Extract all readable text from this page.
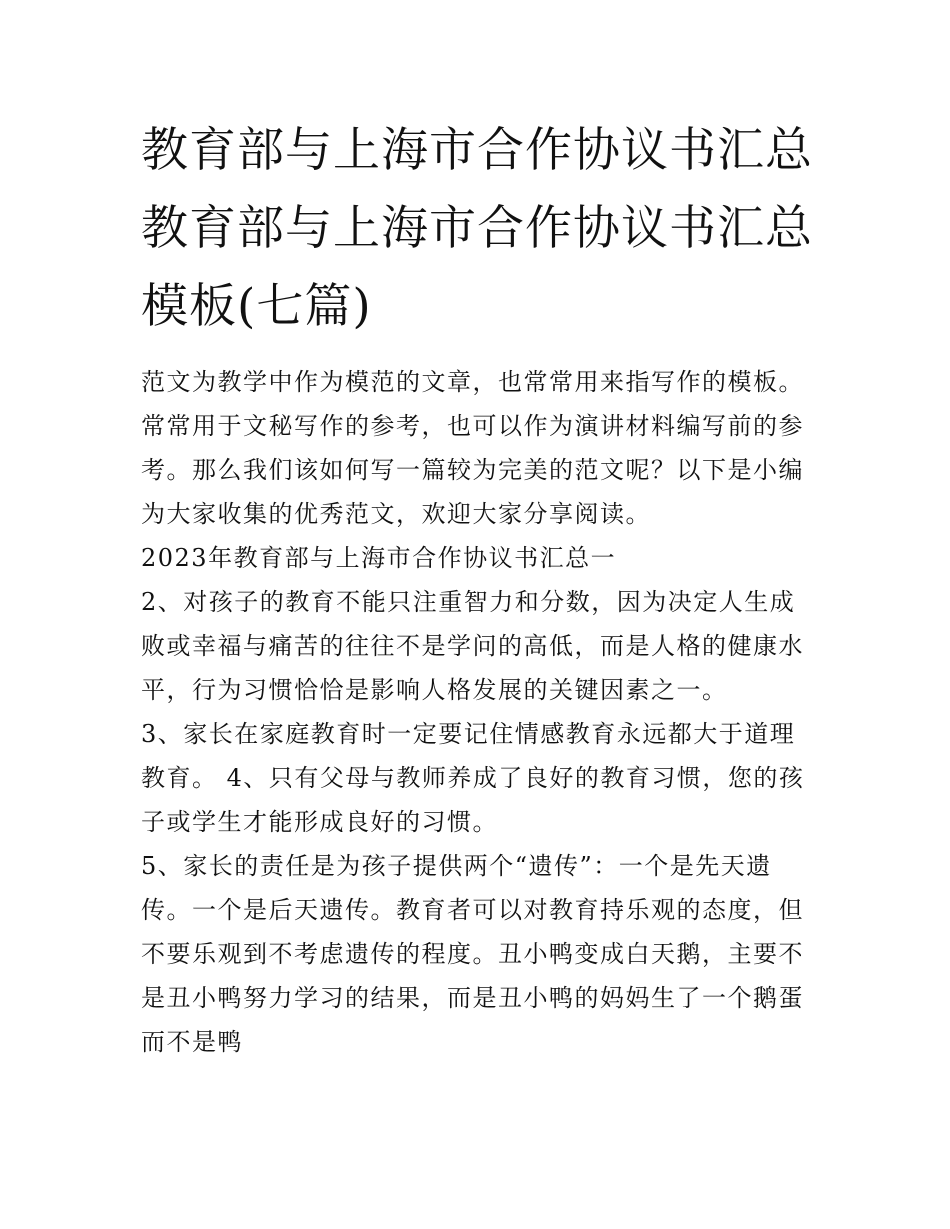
教育部与上海市合作协议书汇总 教育部与上海市合作协议书汇总模板(七篇)

范文为教学中作为模范的文章，也常常用来指写作的模板。常常用于文秘写作的参考，也可以作为演讲材料编写前的参考。那么我们该如何写一篇较为完美的范文呢？以下是小编为大家收集的优秀范文，欢迎大家分享阅读。

2023年教育部与上海市合作协议书汇总一

2、对孩子的教育不能只注重智力和分数，因为决定人生成败或幸福与痛苦的往往不是学问的高低，而是人格的健康水平，行为习惯恰恰是影响人格发展的关键因素之一。

3、家长在家庭教育时一定要记住情感教育永远都大于道理教育。 4、只有父母与教师养成了良好的教育习惯，您的孩子或学生才能形成良好的习惯。

5、家长的责任是为孩子提供两个“遗传”：一个是先天遗传。一个是后天遗传。教育者可以对教育持乐观的态度，但不要乐观到不考虑遗传的程度。丑小鸭变成白天鹅，主要不是丑小鸭努力学习的结果，而是丑小鸭的妈妈生了一个鹅蛋而不是鸭
